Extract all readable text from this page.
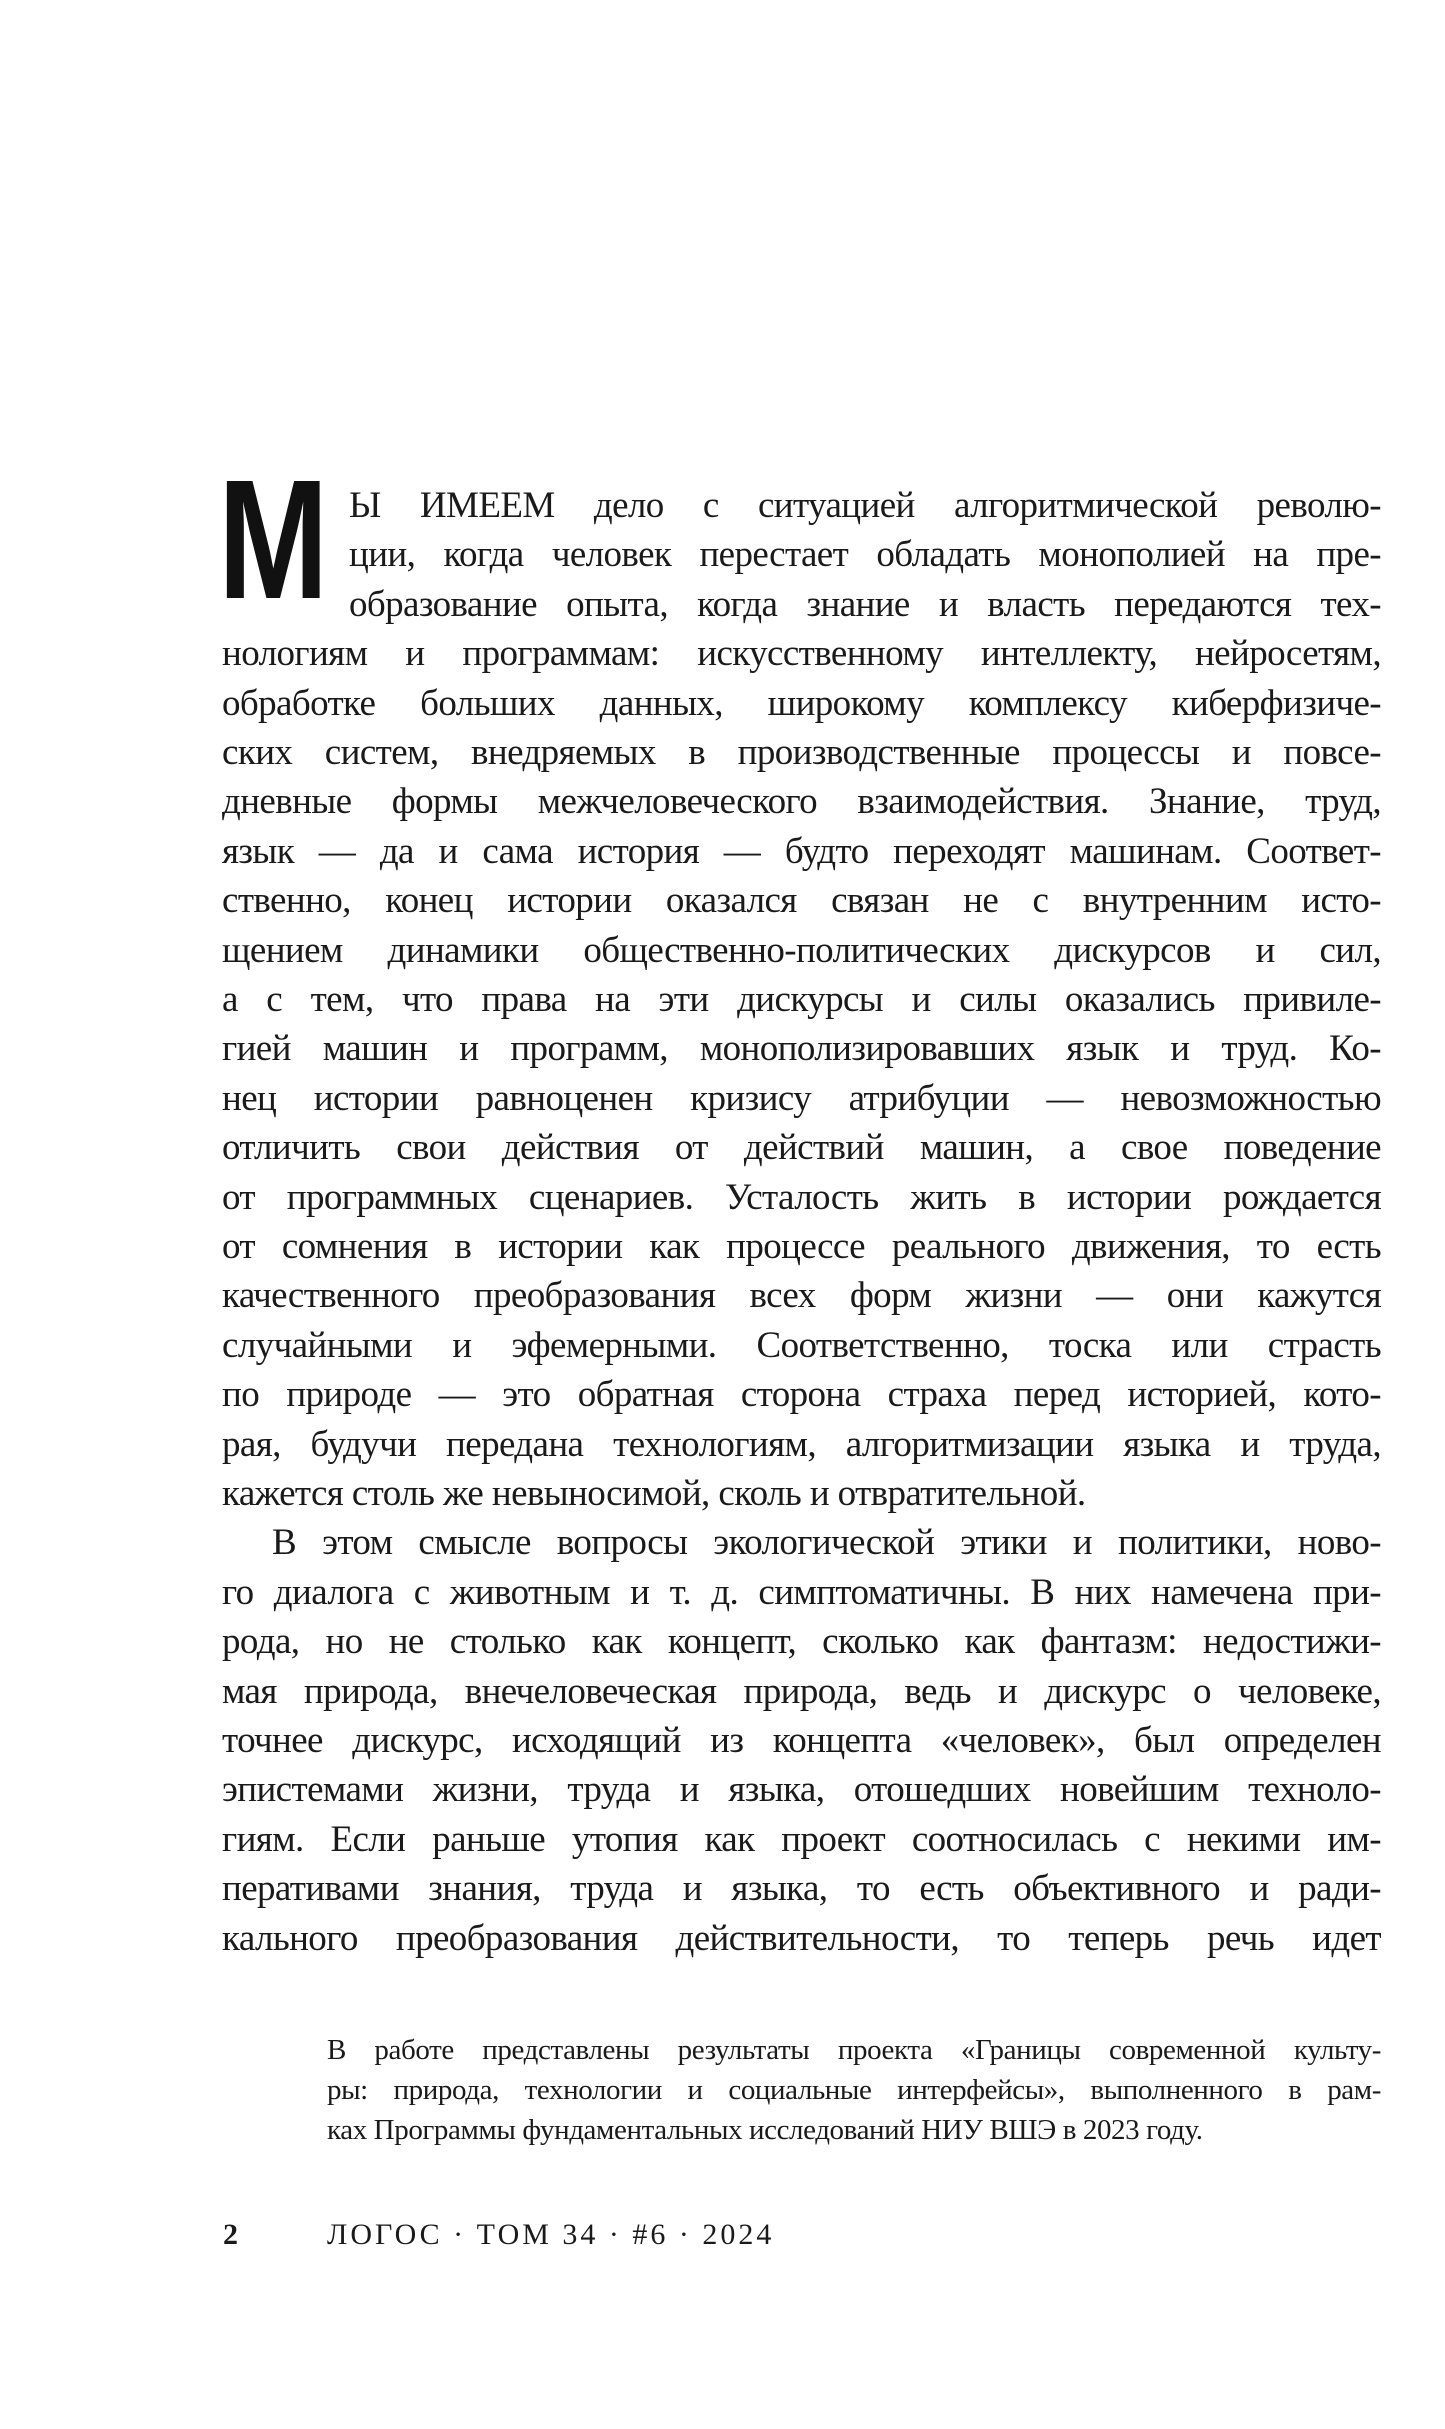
М Ы ИМЕЕМ дело с ситуацией алгоритмической револю-
ции, когда человек перестает обладать монополией на пре-
образование опыта, когда знание и власть передаются тех-
нологиям и программам: искусственному интеллекту, нейросетям,
обработке больших данных, широкому комплексу киберфизиче-
ских систем, внедряемых в производственные процессы и повсе-
дневные формы межчеловеческого взаимодействия. Знание, труд,
язык — да и сама история — будто переходят машинам. Соответ-
ственно, конец истории оказался связан не с внутренним исто-
щением динамики общественно-политических дискурсов и сил,
а с тем, что права на эти дискурсы и силы оказались привиле-
гией машин и программ, монополизировавших язык и труд. Ко-
нец истории равноценен кризису атрибуции — невозможностью
отличить свои действия от действий машин, а свое поведение
от программных сценариев. Усталость жить в истории рождается
от сомнения в истории как процессе реального движения, то есть
качественного преобразования всех форм жизни — они кажутся
случайными и эфемерными. Соответственно, тоска или страсть
по природе — это обратная сторона страха перед историей, кото-
рая, будучи передана технологиям, алгоритмизации языка и труда,
кажется столь же невыносимой, сколь и отвратительной.
В этом смысле вопросы экологической этики и политики, ново-
го диалога с животным и т. д. симптоматичны. В них намечена при-
рода, но не столько как концепт, сколько как фантазм: недостижи-
мая природа, внечеловеческая природа, ведь и дискурс о человеке,
точнее дискурс, исходящий из концепта «человек», был определен
эпистемами жизни, труда и языка, отошедших новейшим техноло-
гиям. Если раньше утопия как проект соотносилась с некими им-
перативами знания, труда и языка, то есть объективного и ради-
кального преобразования действительности, то теперь речь идет
В работе представлены результаты проекта «Границы современной культу-
ры: природа, технологии и социальные интерфейсы», выполненного в рам-
ках Программы фундаментальных исследований НИУ ВШЭ в 2023 году.
2	ЛОГОС · ТОМ 34 · #6 · 2024
